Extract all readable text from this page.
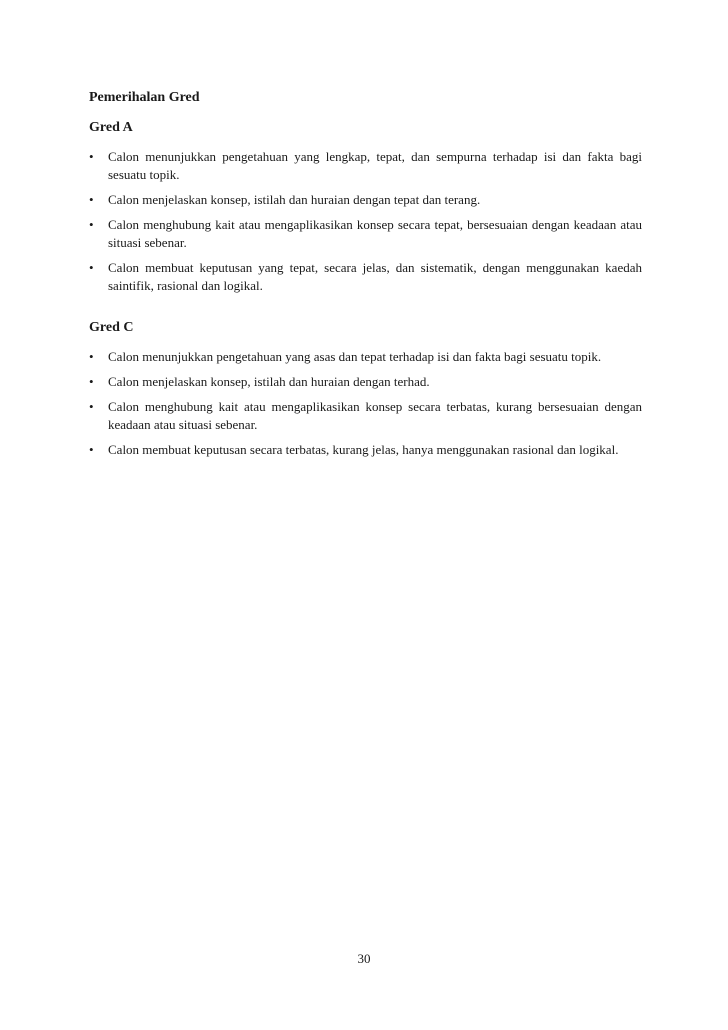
Pemerihalan Gred
Gred A
•	Calon menunjukkan pengetahuan yang lengkap, tepat, dan sempurna terhadap isi dan fakta bagi sesuatu topik.
•	Calon menjelaskan konsep, istilah dan huraian dengan tepat dan terang.
•	Calon menghubung kait atau mengaplikasikan konsep secara tepat, bersesuaian dengan keadaan atau situasi sebenar.
•	Calon membuat keputusan yang tepat, secara jelas, dan sistematik, dengan menggunakan kaedah saintifik, rasional dan logikal.
Gred C
•	Calon menunjukkan pengetahuan yang asas dan tepat terhadap isi dan fakta bagi sesuatu topik.
•	Calon menjelaskan konsep, istilah dan huraian dengan terhad.
•	Calon menghubung kait atau mengaplikasikan konsep secara terbatas, kurang bersesuaian dengan keadaan atau situasi sebenar.
•	Calon membuat keputusan secara terbatas, kurang jelas, hanya menggunakan rasional dan logikal.
30
